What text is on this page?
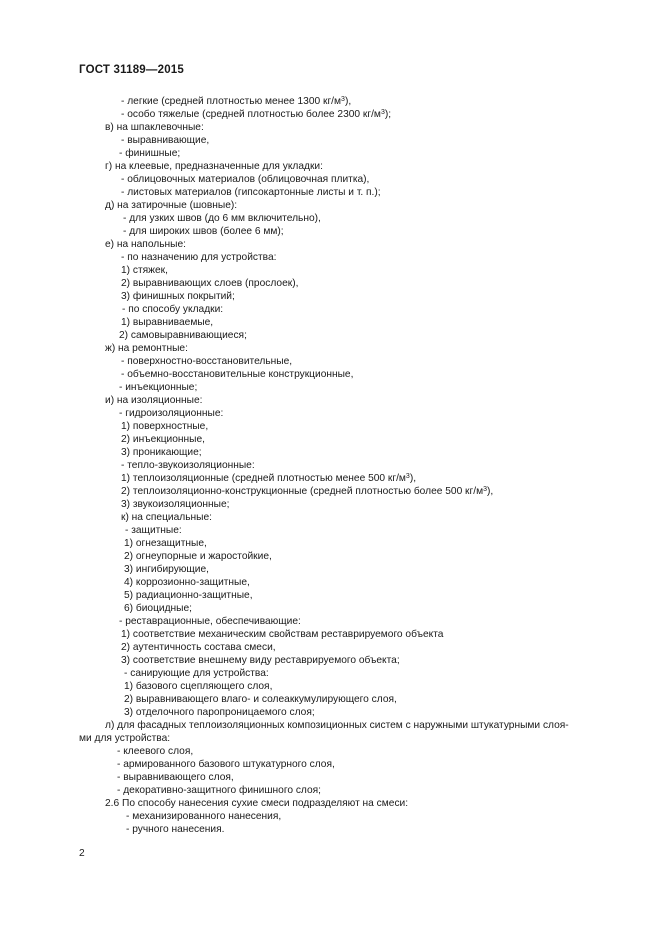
ГОСТ 31189—2015
- легкие (средней плотностью менее 1300 $кг/м^3$),
- особо тяжелые (средней плотностью более 2300 $кг/м^3$);
в) на шпаклевочные:
- выравнивающие,
- финишные;
г) на клеевые, предназначенные для укладки:
- облицовочных материалов (облицовочная плитка),
- листовых материалов (гипсокартонные листы и т. п.);
д) на затирочные (шовные):
- для узких швов (до 6 мм включительно),
- для широких швов (более 6 мм);
е) на напольные:
- по назначению для устройства:
1) стяжек,
2) выравнивающих слоев (прослоек),
3) финишных покрытий;
- по способу укладки:
1) выравниваемые,
2) самовыравнивающиеся;
ж) на ремонтные:
- поверхностно-восстановительные,
- объемно-восстановительные конструкционные,
- инъекционные;
и) на изоляционные:
- гидроизоляционные:
1) поверхностные,
2) инъекционные,
3) проникающие;
- тепло-звукоизоляционные:
1) теплоизоляционные (средней плотностью менее 500 $кг/м^3$),
2) теплоизоляционно-конструкционные (средней плотностью более 500 $кг/м^3$),
3) звукоизоляционные;
к) на специальные:
- защитные:
1) огнезащитные,
2) огнеупорные и жаростойкие,
3) ингибирующие,
4) коррозионно-защитные,
5) радиационно-защитные,
6) биоцидные;
- реставрационные, обеспечивающие:
1) соответствие механическим свойствам реставрируемого объекта
2) аутентичность состава смеси,
3) соответствие внешнему виду реставрируемого объекта;
- санирующие для устройства:
1) базового сцепляющего слоя,
2) выравнивающего влаго- и солеаккумулирующего слоя,
3) отделочного паропроницаемого слоя;
л) для фасадных теплоизоляционных композиционных систем с наружными штукатурными слоя-
ми для устройства:
- клеевого слоя,
- армированного базового штукатурного слоя,
- выравнивающего слоя,
- декоративно-защитного финишного слоя;
2.6 По способу нанесения сухие смеси подразделяют на смеси:
- механизированного нанесения,
- ручного нанесения.
2
